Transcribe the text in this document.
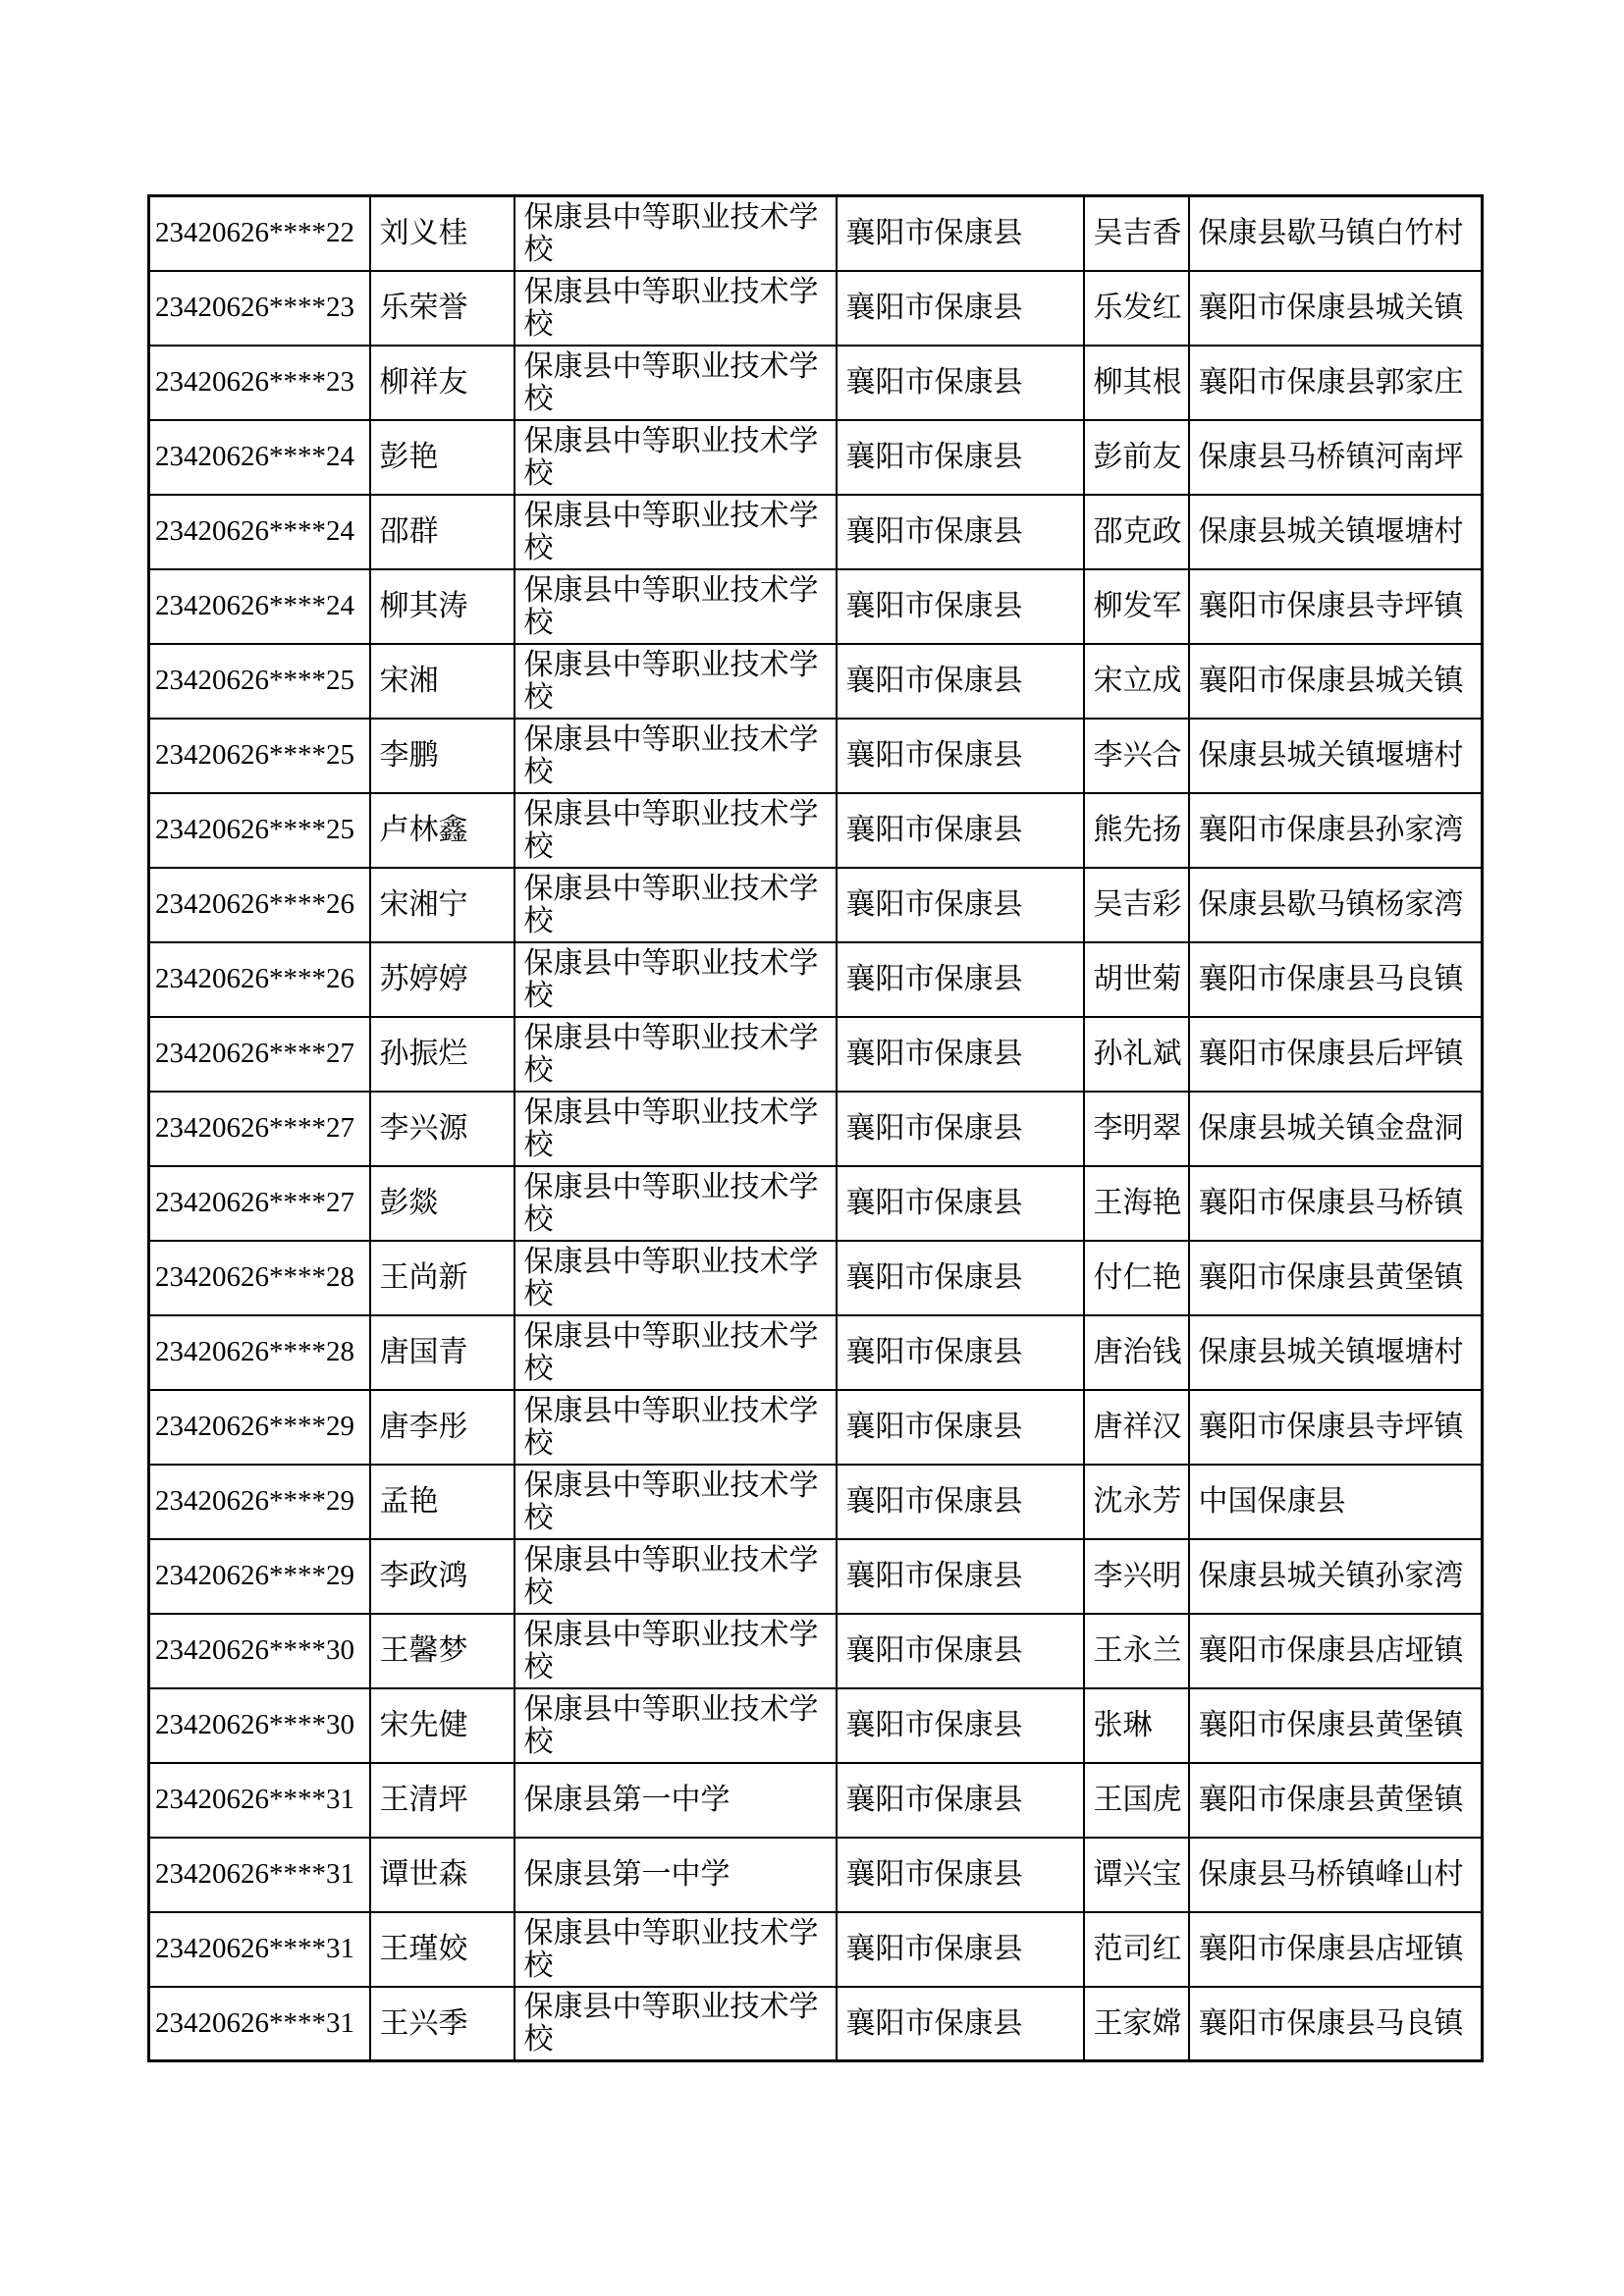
23420626****22	刘义桂	保康县中等职业技术学校	襄阳市保康县	吴吉香	保康县歇马镇白竹村
23420626****23	乐荣誉	保康县中等职业技术学校	襄阳市保康县	乐发红	襄阳市保康县城关镇
23420626****23	柳祥友	保康县中等职业技术学校	襄阳市保康县	柳其根	襄阳市保康县郭家庄
23420626****24	彭艳	保康县中等职业技术学校	襄阳市保康县	彭前友	保康县马桥镇河南坪
23420626****24	邵群	保康县中等职业技术学校	襄阳市保康县	邵克政	保康县城关镇堰塘村
23420626****24	柳其涛	保康县中等职业技术学校	襄阳市保康县	柳发军	襄阳市保康县寺坪镇
23420626****25	宋湘	保康县中等职业技术学校	襄阳市保康县	宋立成	襄阳市保康县城关镇
23420626****25	李鹏	保康县中等职业技术学校	襄阳市保康县	李兴合	保康县城关镇堰塘村
23420626****25	卢林鑫	保康县中等职业技术学校	襄阳市保康县	熊先扬	襄阳市保康县孙家湾
23420626****26	宋湘宁	保康县中等职业技术学校	襄阳市保康县	吴吉彩	保康县歇马镇杨家湾
23420626****26	苏婷婷	保康县中等职业技术学校	襄阳市保康县	胡世菊	襄阳市保康县马良镇
23420626****27	孙振烂	保康县中等职业技术学校	襄阳市保康县	孙礼斌	襄阳市保康县后坪镇
23420626****27	李兴源	保康县中等职业技术学校	襄阳市保康县	李明翠	保康县城关镇金盘洞
23420626****27	彭燚	保康县中等职业技术学校	襄阳市保康县	王海艳	襄阳市保康县马桥镇
23420626****28	王尚新	保康县中等职业技术学校	襄阳市保康县	付仁艳	襄阳市保康县黄堡镇
23420626****28	唐国青	保康县中等职业技术学校	襄阳市保康县	唐治钱	保康县城关镇堰塘村
23420626****29	唐李彤	保康县中等职业技术学校	襄阳市保康县	唐祥汉	襄阳市保康县寺坪镇
23420626****29	孟艳	保康县中等职业技术学校	襄阳市保康县	沈永芳	中国保康县
23420626****29	李政鸿	保康县中等职业技术学校	襄阳市保康县	李兴明	保康县城关镇孙家湾
23420626****30	王馨梦	保康县中等职业技术学校	襄阳市保康县	王永兰	襄阳市保康县店垭镇
23420626****30	宋先健	保康县中等职业技术学校	襄阳市保康县	张琳	襄阳市保康县黄堡镇
23420626****31	王清坪	保康县第一中学	襄阳市保康县	王国虎	襄阳市保康县黄堡镇
23420626****31	谭世森	保康县第一中学	襄阳市保康县	谭兴宝	保康县马桥镇峰山村
23420626****31	王瑾姣	保康县中等职业技术学校	襄阳市保康县	范司红	襄阳市保康县店垭镇
23420626****31	王兴季	保康县中等职业技术学校	襄阳市保康县	王家嫦	襄阳市保康县马良镇
